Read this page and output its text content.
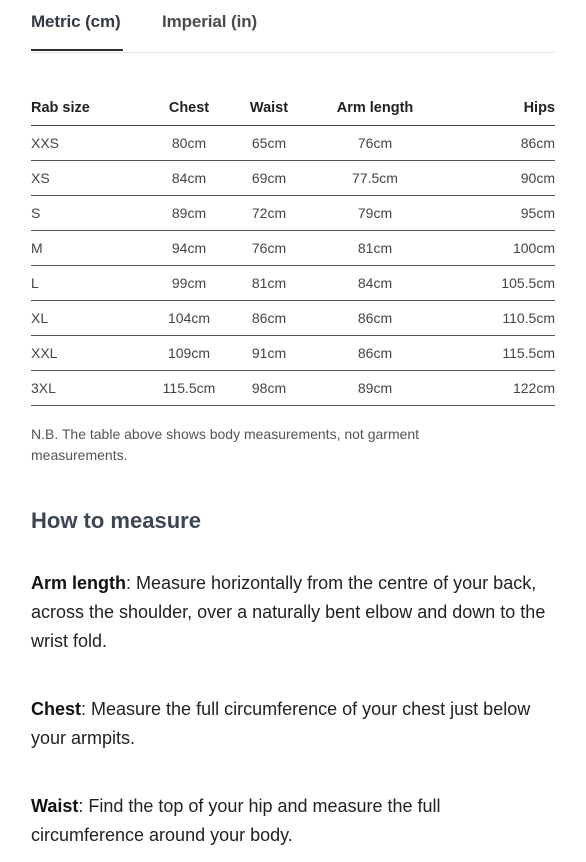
Metric (cm) Imperial (in)
Rab size	Chest	Waist	Arm length	Hips
XXS	80cm	65cm	76cm	86cm
XS	84cm	69cm	77.5cm	90cm
S	89cm	72cm	79cm	95cm
M	94cm	76cm	81cm	100cm
L	99cm	81cm	84cm	105.5cm
XL	104cm	86cm	86cm	110.5cm
XXL	109cm	91cm	86cm	115.5cm
3XL	115.5cm	98cm	89cm	122cm
N.B. The table above shows body measurements, not garment measurements.
How to measure

Arm length: Measure horizontally from the centre of your back, across the shoulder, over a naturally bent elbow and down to the wrist fold.

Chest: Measure the full circumference of your chest just below your armpits.

Waist: Find the top of your hip and measure the full circumference around your body.
